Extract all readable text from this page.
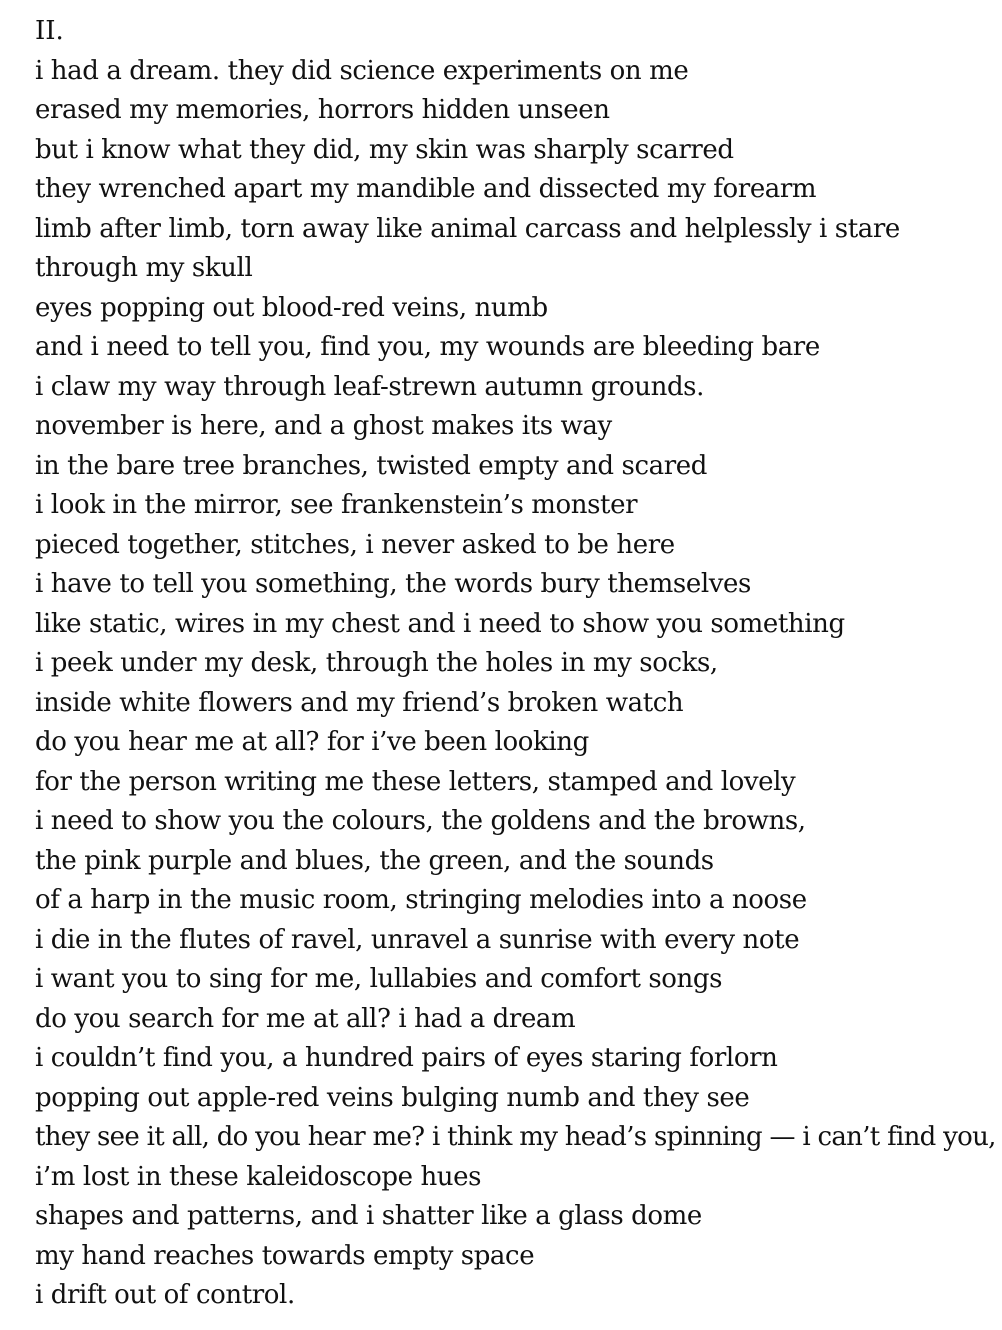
II.
i had a dream. they did science experiments on me
erased my memories, horrors hidden unseen
but i know what they did, my skin was sharply scarred
they wrenched apart my mandible and dissected my forearm
limb after limb, torn away like animal carcass and helplessly i stare
through my skull
eyes popping out blood-red veins, numb
and i need to tell you, find you, my wounds are bleeding bare
i claw my way through leaf-strewn autumn grounds.
november is here, and a ghost makes its way
in the bare tree branches, twisted empty and scared
i look in the mirror, see frankenstein’s monster
pieced together, stitches, i never asked to be here
i have to tell you something, the words bury themselves
like static, wires in my chest and i need to show you something
i peek under my desk, through the holes in my socks,
inside white flowers and my friend’s broken watch
do you hear me at all? for i’ve been looking
for the person writing me these letters, stamped and lovely
i need to show you the colours, the goldens and the browns,
the pink purple and blues, the green, and the sounds
of a harp in the music room, stringing melodies into a noose
i die in the flutes of ravel, unravel a sunrise with every note
i want you to sing for me, lullabies and comfort songs
do you search for me at all? i had a dream
i couldn’t find you, a hundred pairs of eyes staring forlorn
popping out apple-red veins bulging numb and they see
they see it all, do you hear me? i think my head’s spinning — i can’t find you,
i’m lost in these kaleidoscope hues
shapes and patterns, and i shatter like a glass dome
my hand reaches towards empty space
i drift out of control.
